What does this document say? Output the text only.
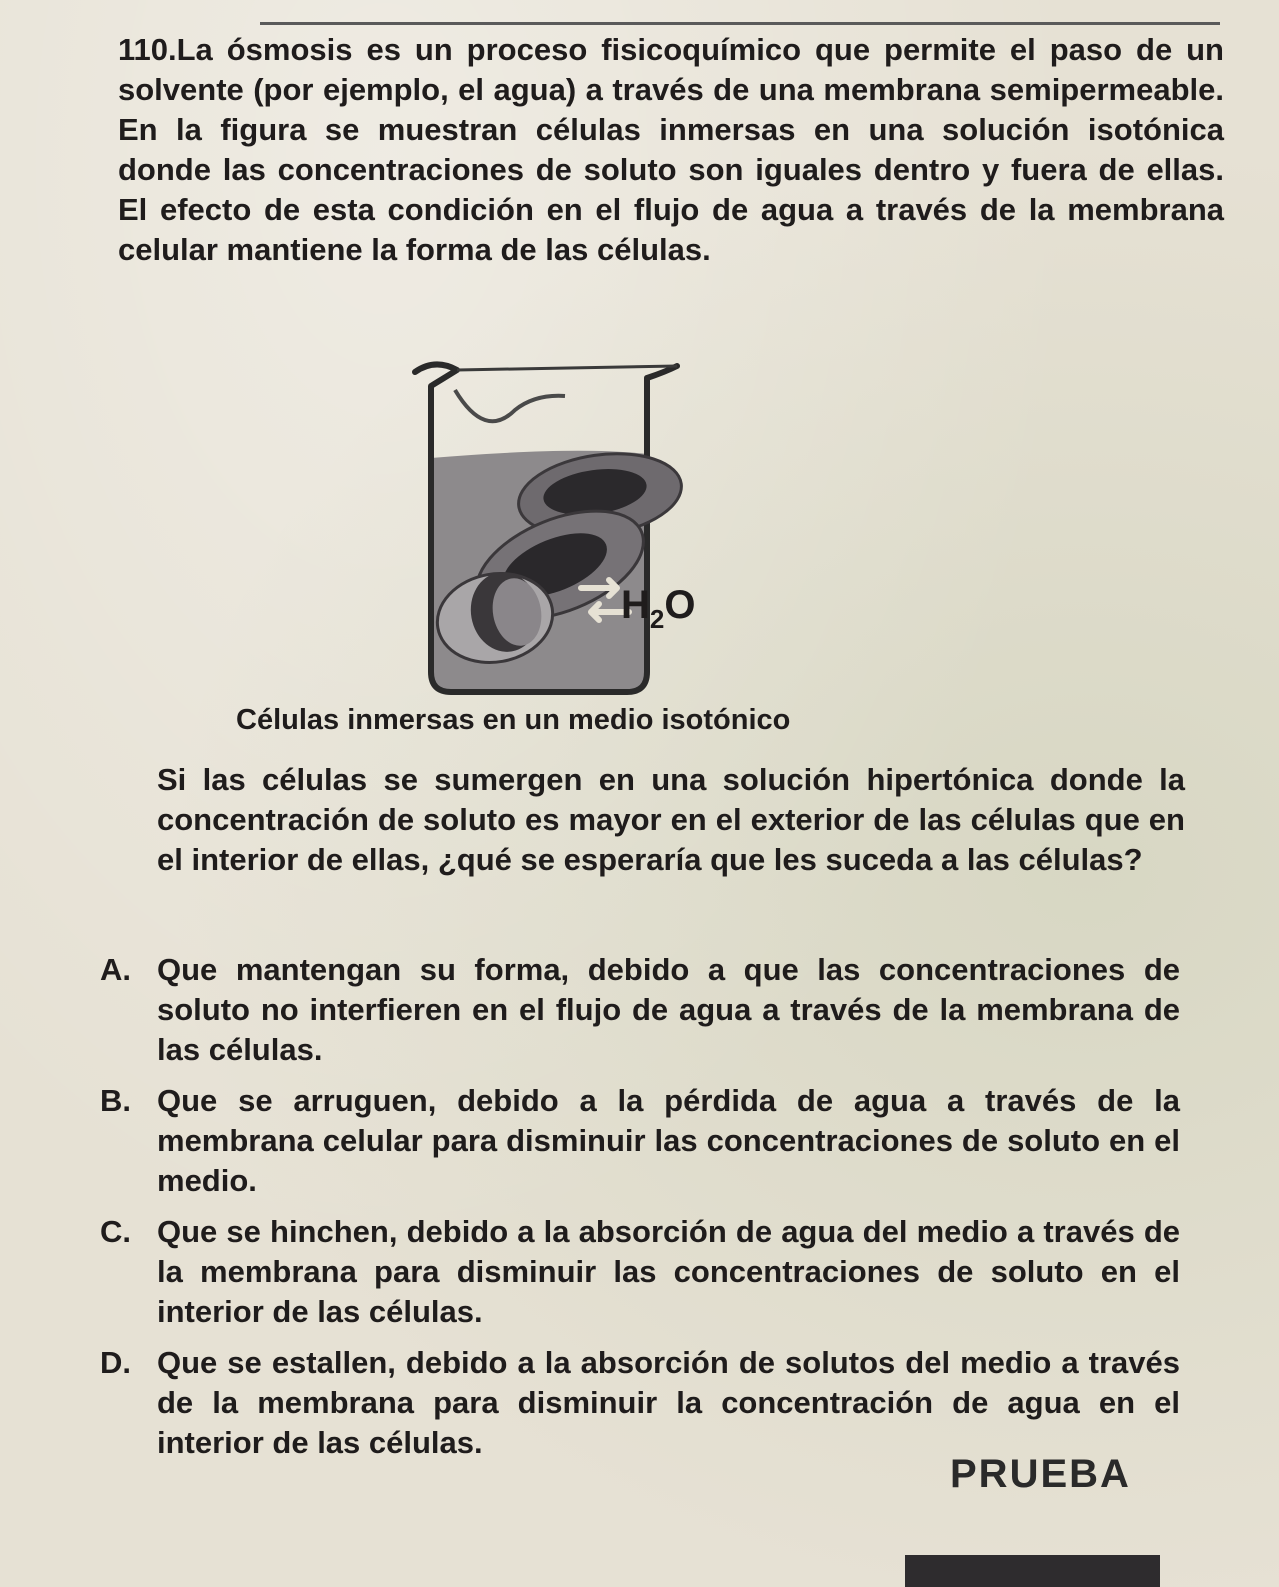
110.La ósmosis es un proceso fisicoquímico que permite el paso de un solvente (por ejemplo, el agua) a través de una membrana semipermeable. En la figura se muestran células inmersas en una solución isotónica donde las concentraciones de soluto son iguales dentro y fuera de ellas. El efecto de esta condición en el flujo de agua a través de la membrana celular mantiene la forma de las células.

$H_2O$
Células inmersas en un medio isotónico

Si las células se sumergen en una solución hipertónica donde la concentración de soluto es mayor en el exterior de las células que en el interior de ellas, ¿qué se esperaría que les suceda a las células?

A. Que mantengan su forma, debido a que las concentraciones de soluto no interfieren en el flujo de agua a través de la membrana de las células.
B. Que se arruguen, debido a la pérdida de agua a través de la membrana celular para disminuir las concentraciones de soluto en el medio.
C. Que se hinchen, debido a la absorción de agua del medio a través de la membrana para disminuir las concentraciones de soluto en el interior de las células.
D. Que se estallen, debido a la absorción de solutos del medio a través de la membrana para disminuir la concentración de agua en el interior de las células.
PRUEBA
